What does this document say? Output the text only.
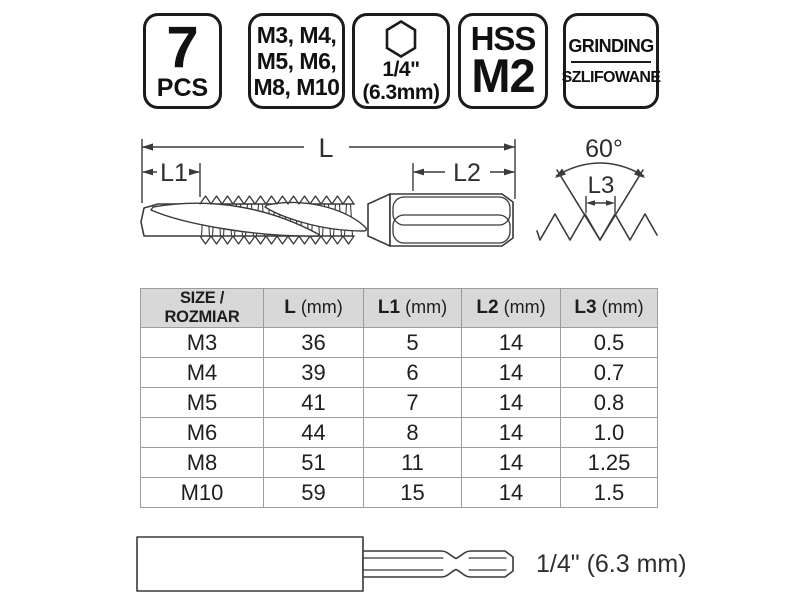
L
L1	L2
60°
L3
1/4" (6.3 mm)
7
PCS
M3, M4,
M5, M6,
M8, M10
1/4"
(6.3mm)
HSS
M2
GRINDING
SZLIFOWANE
SIZE / ROZMIAR	L (mm)	L1 (mm)	L2 (mm)	L3 (mm)
M3	36	5	14	0.5
M4	39	6	14	0.7
M5	41	7	14	0.8
M6	44	8	14	1.0
M8	51	11	14	1.25
M10	59	15	14	1.5
